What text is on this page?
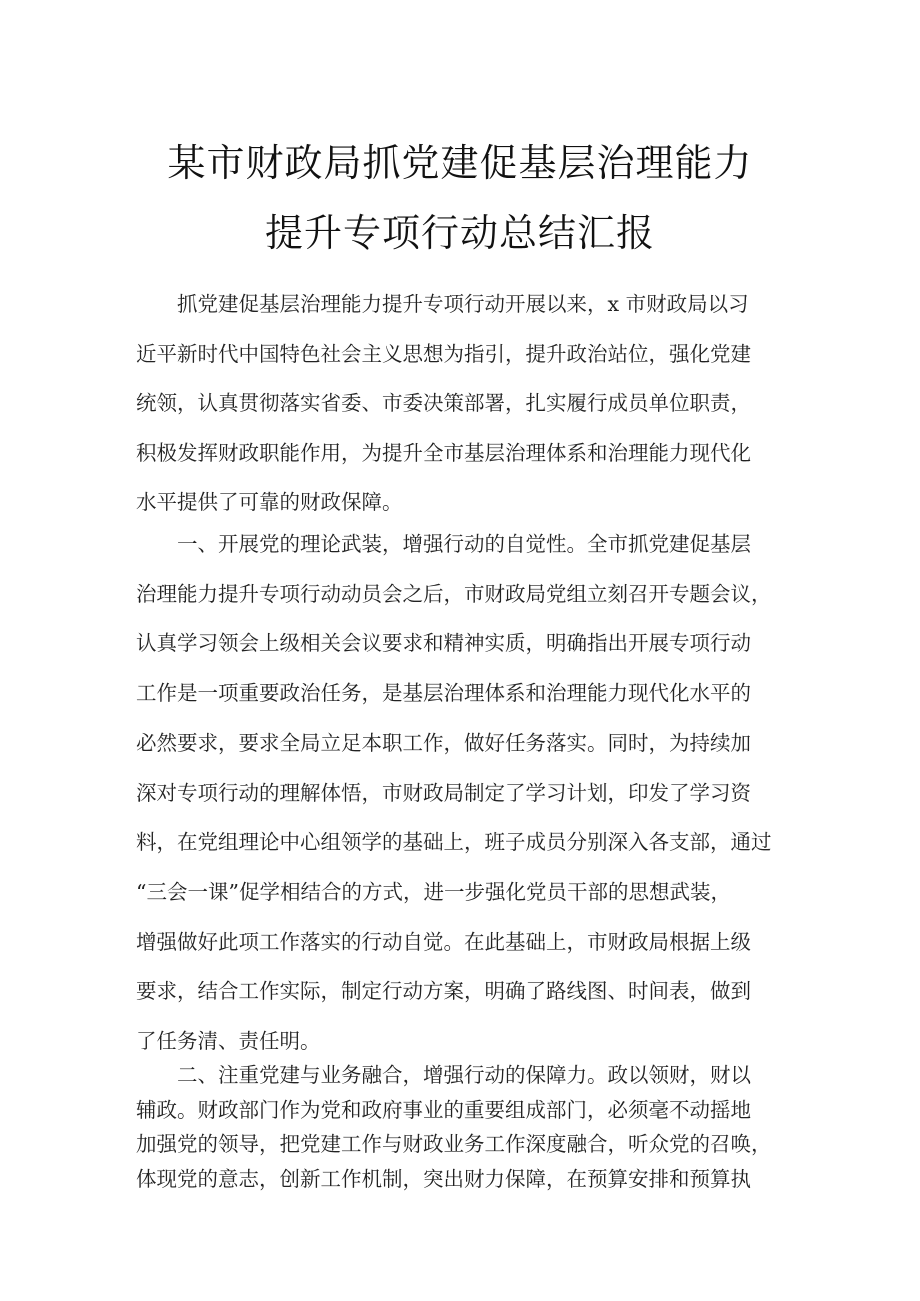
某市财政局抓党建促基层治理能力
提升专项行动总结汇报
抓党建促基层治理能力提升专项行动开展以来，x 市财政局以习
近平新时代中国特色社会主义思想为指引，提升政治站位，强化党建
统领，认真贯彻落实省委、市委决策部署，扎实履行成员单位职责，
积极发挥财政职能作用，为提升全市基层治理体系和治理能力现代化
水平提供了可靠的财政保障。
一、开展党的理论武装，增强行动的自觉性。全市抓党建促基层
治理能力提升专项行动动员会之后，市财政局党组立刻召开专题会议，
认真学习领会上级相关会议要求和精神实质，明确指出开展专项行动
工作是一项重要政治任务，是基层治理体系和治理能力现代化水平的
必然要求，要求全局立足本职工作，做好任务落实。同时，为持续加
深对专项行动的理解体悟，市财政局制定了学习计划，印发了学习资
料，在党组理论中心组领学的基础上，班子成员分别深入各支部，通过
“三会一课”促学相结合的方式，进一步强化党员干部的思想武装，
增强做好此项工作落实的行动自觉。在此基础上，市财政局根据上级
要求，结合工作实际，制定行动方案，明确了路线图、时间表，做到
了任务清、责任明。
二、注重党建与业务融合，增强行动的保障力。政以领财，财以
辅政。财政部门作为党和政府事业的重要组成部门，必须毫不动摇地
加强党的领导，把党建工作与财政业务工作深度融合，听众党的召唤，
体现党的意志，创新工作机制，突出财力保障，在预算安排和预算执
